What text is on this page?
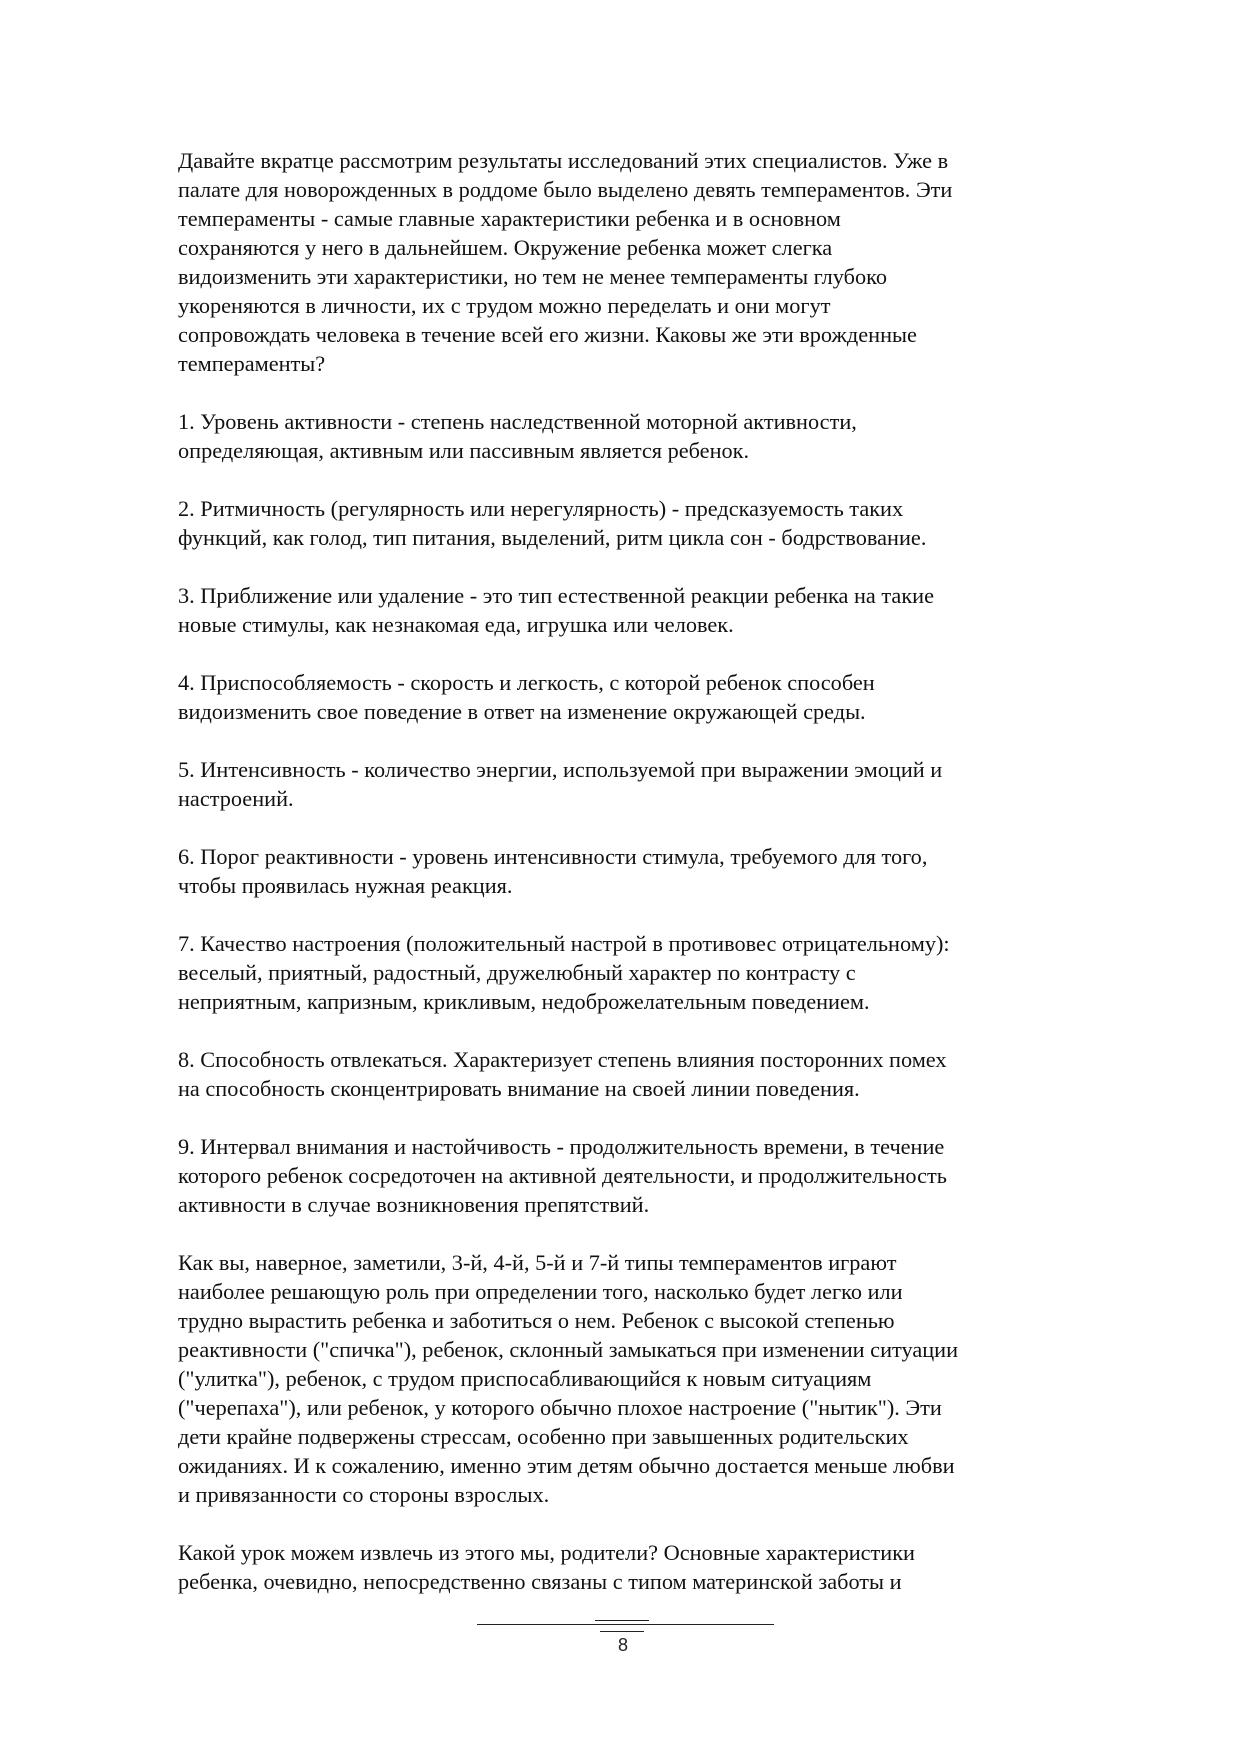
Давайте вкратце рассмотрим результаты исследований этих специалистов. Уже в
палате для новорожденных в роддоме было выделено девять темпераментов. Эти
темпераменты - самые главные характеристики ребенка и в основном
сохраняются у него в дальнейшем. Окружение ребенка может слегка
видоизменить эти характеристики, но тем не менее темпераменты глубоко
укореняются в личности, их с трудом можно переделать и они могут
сопровождать человека в течение всей его жизни. Каковы же эти врожденные
темпераменты?

1. Уровень активности - степень наследственной моторной активности,
определяющая, активным или пассивным является ребенок.

2. Ритмичность (регулярность или нерегулярность) - предсказуемость таких
функций, как голод, тип питания, выделений, ритм цикла сон - бодрствование.

3. Приближение или удаление - это тип естественной реакции ребенка на такие
новые стимулы, как незнакомая еда, игрушка или человек.

4. Приспособляемость - скорость и легкость, с которой ребенок способен
видоизменить свое поведение в ответ на изменение окружающей среды.

5. Интенсивность - количество энергии, используемой при выражении эмоций и
настроений.

6. Порог реактивности - уровень интенсивности стимула, требуемого для того,
чтобы проявилась нужная реакция.

7. Качество настроения (положительный настрой в противовес отрицательному):
веселый, приятный, радостный, дружелюбный характер по контрасту с
неприятным, капризным, крикливым, недоброжелательным поведением.

8. Способность отвлекаться. Характеризует степень влияния посторонних помех
на способность сконцентрировать внимание на своей линии поведения.

9. Интервал внимания и настойчивость - продолжительность времени, в течение
которого ребенок сосредоточен на активной деятельности, и продолжительность
активности в случае возникновения препятствий.

Как вы, наверное, заметили, 3-й, 4-й, 5-й и 7-й типы темпераментов играют
наиболее решающую роль при определении того, насколько будет легко или
трудно вырастить ребенка и заботиться о нем. Ребенок с высокой степенью
реактивности ("спичка"), ребенок, склонный замыкаться при изменении ситуации
("улитка"), ребенок, с трудом приспосабливающийся к новым ситуациям
("черепаха"), или ребенок, у которого обычно плохое настроение ("нытик"). Эти
дети крайне подвержены стрессам, особенно при завышенных родительских
ожиданиях. И к сожалению, именно этим детям обычно достается меньше любви
и привязанности со стороны взрослых.

Какой урок можем извлечь из этого мы, родители? Основные характеристики
ребенка, очевидно, непосредственно связаны с типом материнской заботы и

8
